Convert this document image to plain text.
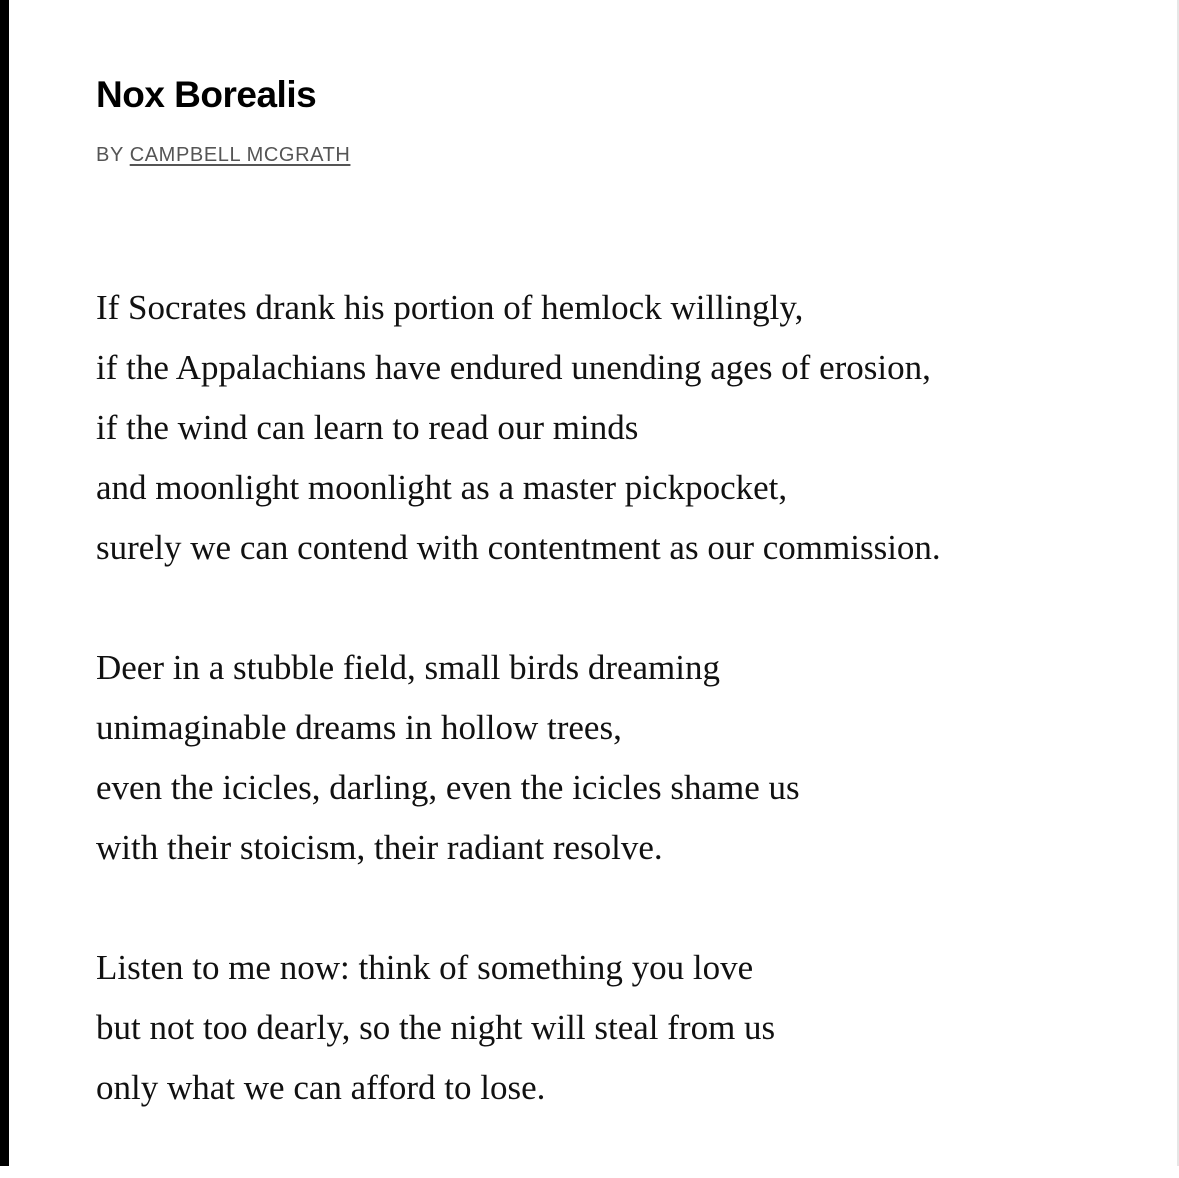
Nox Borealis
BY CAMPBELL MCGRATH
If Socrates drank his portion of hemlock willingly,
if the Appalachians have endured unending ages of erosion,
if the wind can learn to read our minds
and moonlight moonlight as a master pickpocket,
surely we can contend with contentment as our commission.
Deer in a stubble field, small birds dreaming
unimaginable dreams in hollow trees,
even the icicles, darling, even the icicles shame us
with their stoicism, their radiant resolve.
Listen to me now: think of something you love
but not too dearly, so the night will steal from us
only what we can afford to lose.
